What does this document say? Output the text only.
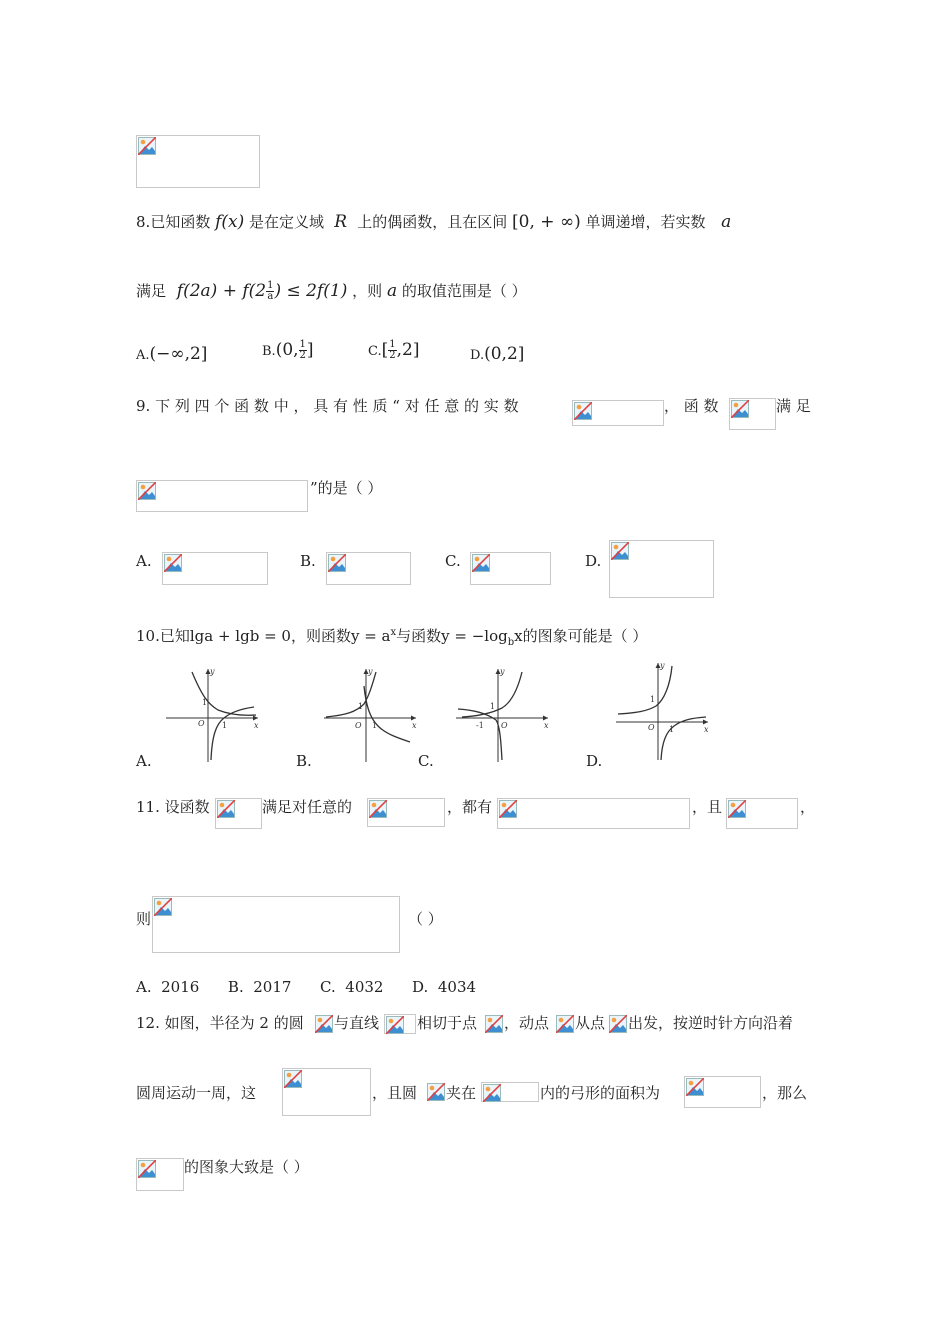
8.已知函数 f(x) 是在定义域 R 上的偶函数，且在区间 [0, + ∞) 单调递增，若实数 a
满足 $f(2a) + f(2 \frac{1}{a}$ ) ≤ 2f(1) ，则 a 的取值范围是（ ）
A.(−∞,2]	B.(0, $\frac{1}{2}$ ]	$C.[ \frac{1}{2} ,2]$	D.(0,2]
9. 下 列 四 个 函 数 中 ， 具 有 性 质 “ 对 任 意 的 实 数	， 函 数	满 足
”的是（ ）
A.	B.	C.	D.
10.已知lga + lgb = 0，则函数$y = a^x$与函数$y = -\log_bx$的图象可能是（ ）
x
y
O
1
1
A.
x
y
O
1
1
B.
x
y
O
-1
1
C.
x
y
O
1
1
D.
11. 设函数	满足对任意的	，都有	，且	，
则	（ ）
A.  2016      B.  2017      C.  4032      D.  4034
12. 如图，半径为 2 的圆 与直线	相切于点 ，动点 从点 出发，按逆时针方向沿着
圆周运动一周，这	，且圆 夹在	内的弓形的面积为	，那么
的图象大致是（ ）
